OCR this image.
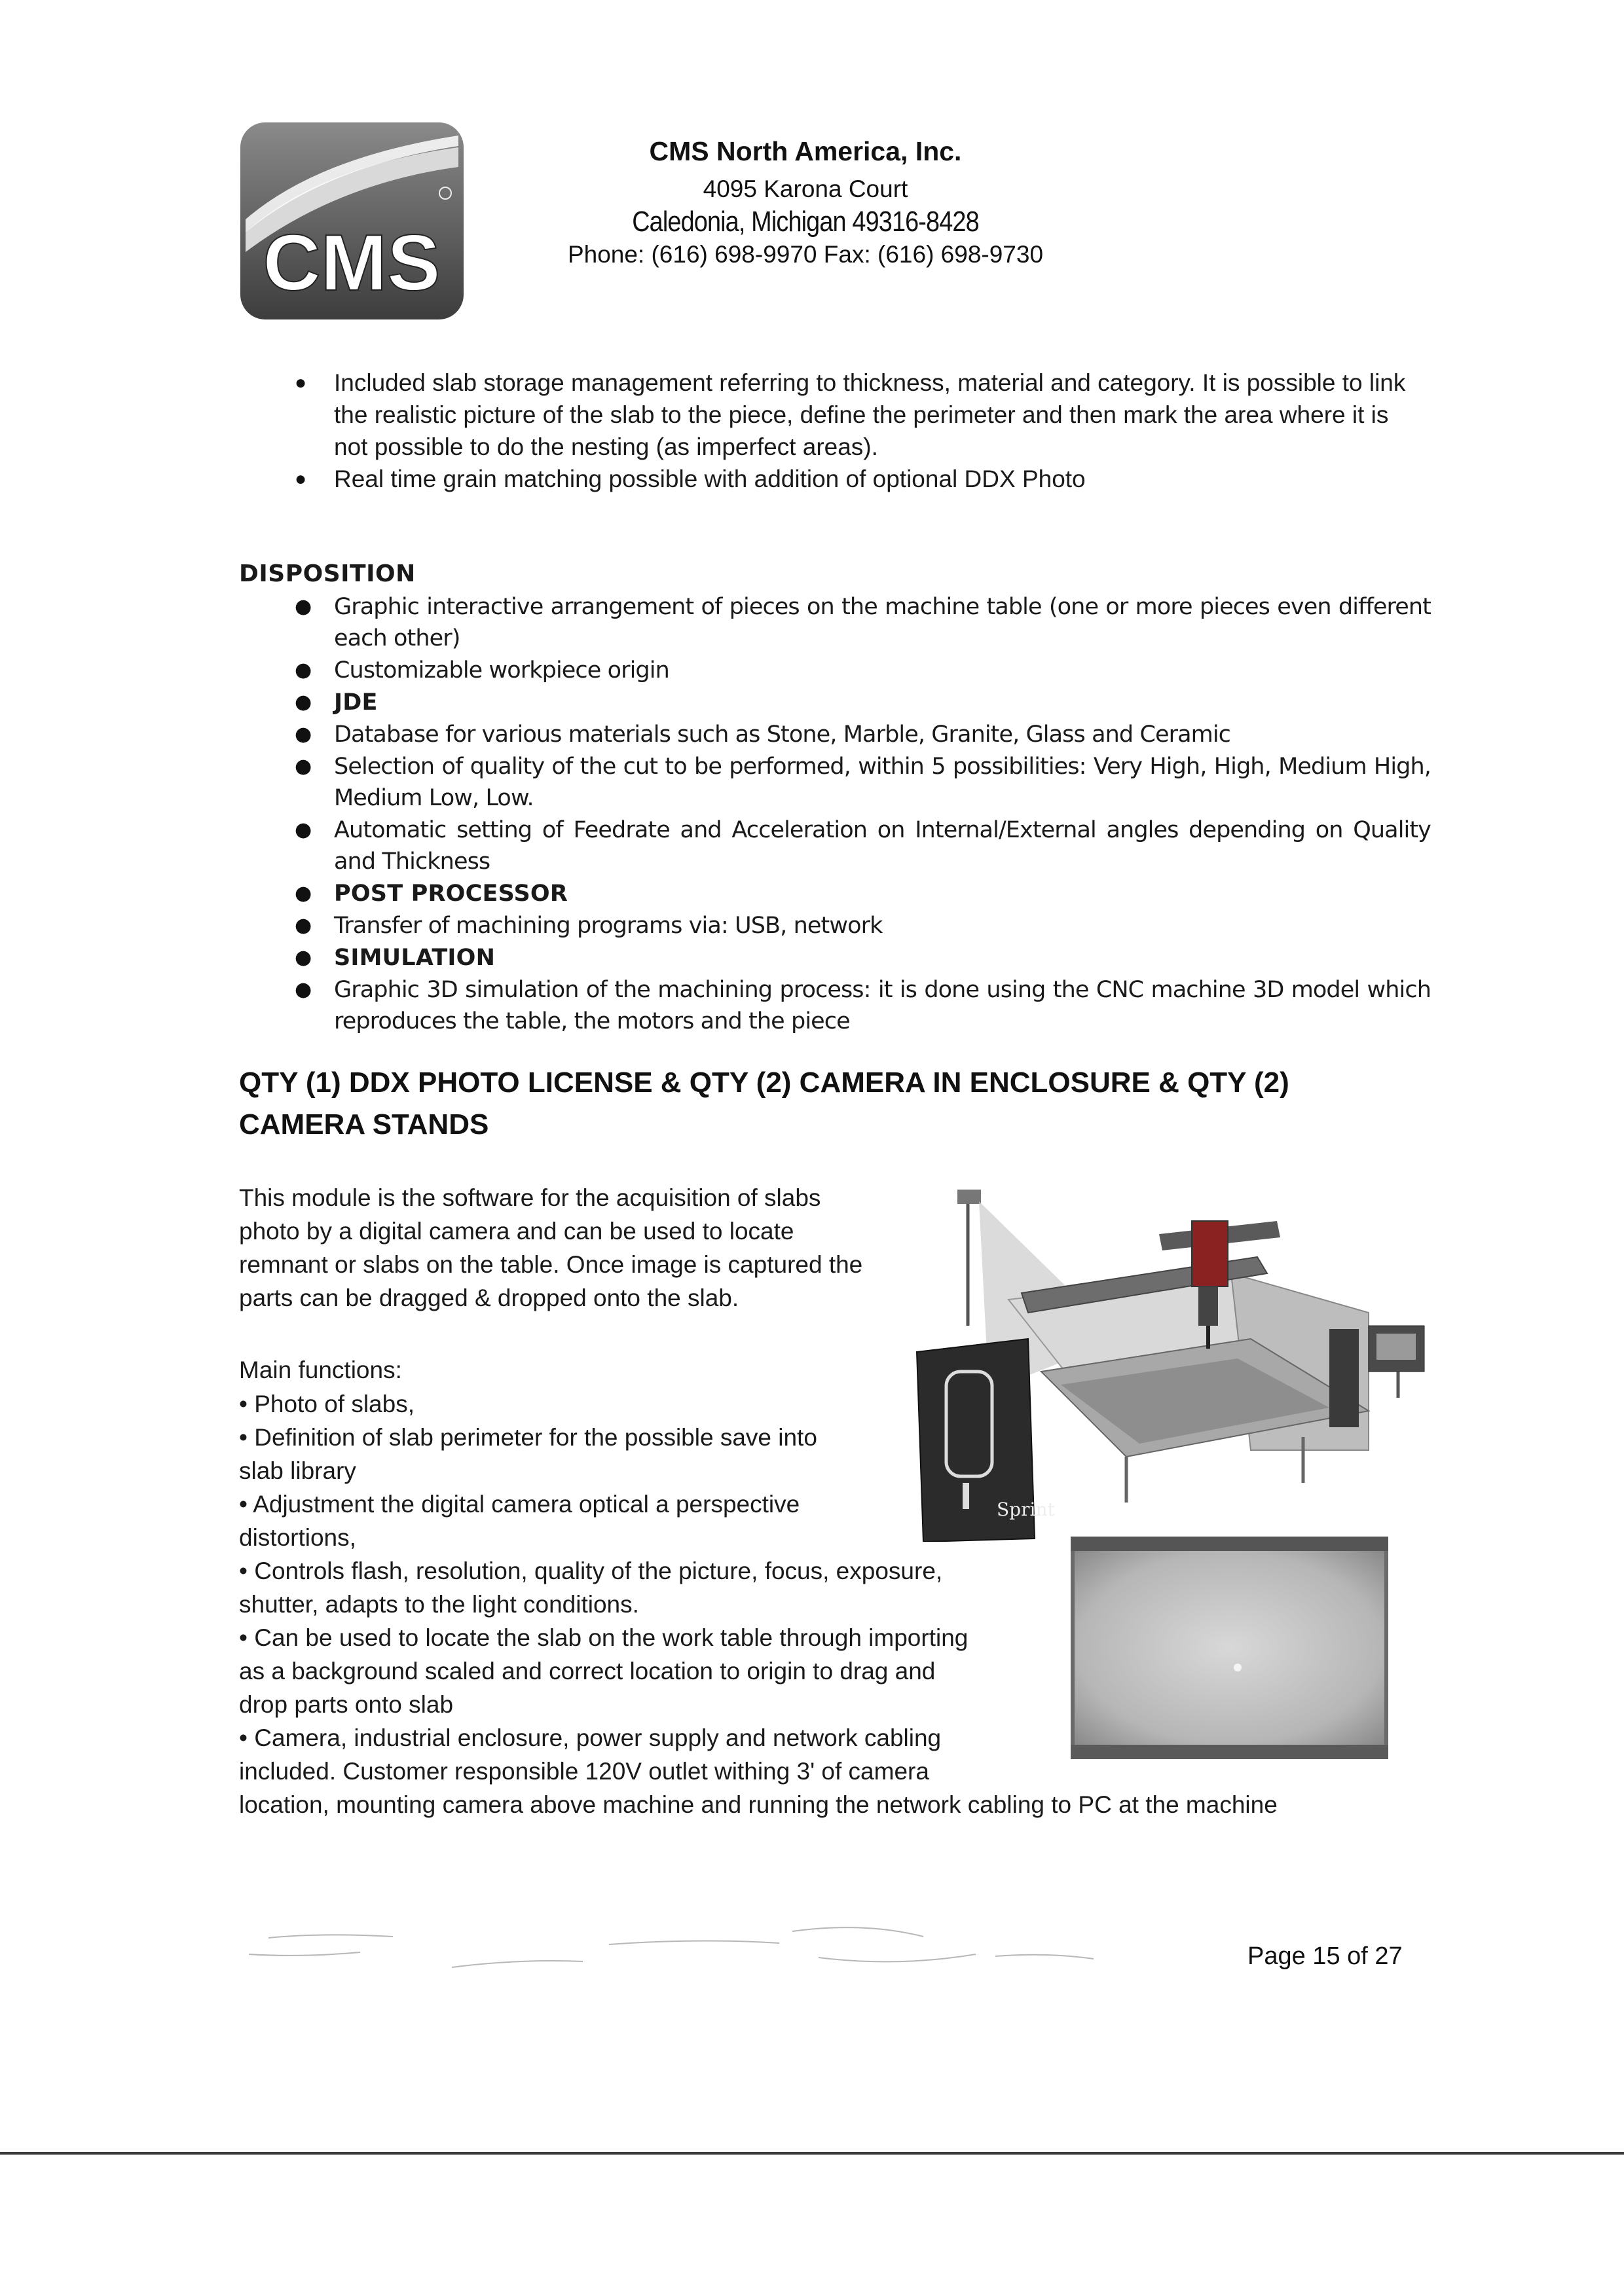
CMS
CMS North America, Inc.
4095 Karona Court
Caledonia, Michigan 49316-8428
Phone: (616) 698-9970 Fax: (616) 698-9730
● Included slab storage management referring to thickness, material and category. It is possible to link the realistic picture of the slab to the piece, define the perimeter and then mark the area where it is not possible to do the nesting (as imperfect areas).
● Real time grain matching possible with addition of optional DDX Photo
DISPOSITION
● Graphic interactive arrangement of pieces on the machine table (one or more pieces even different each other)
● Customizable workpiece origin
● JDE
● Database for various materials such as Stone, Marble, Granite, Glass and Ceramic
● Selection of quality of the cut to be performed, within 5 possibilities: Very High, High, Medium High, Medium Low, Low.
● Automatic setting of Feedrate and Acceleration on Internal/External angles depending on Quality and Thickness
● POST PROCESSOR
● Transfer of machining programs via: USB, network
● SIMULATION
● Graphic 3D simulation of the machining process: it is done using the CNC machine 3D model which reproduces the table, the motors and the piece
QTY (1) DDX PHOTO LICENSE & QTY (2) CAMERA IN ENCLOSURE & QTY (2)
CAMERA STANDS
This module is the software for the acquisition of slabs
photo by a digital camera and can be used to locate
remnant or slabs on the table. Once image is captured the
parts can be dragged & dropped onto the slab.
Main functions:
• Photo of slabs,
• Definition of slab perimeter for the possible save into
slab library
• Adjustment the digital camera optical a perspective
distortions,
• Controls flash, resolution, quality of the picture, focus, exposure,
shutter, adapts to the light conditions.
• Can be used to locate the slab on the work table through importing
as a background scaled and correct location to origin to drag and
drop parts onto slab
• Camera, industrial enclosure, power supply and network cabling
included. Customer responsible 120V outlet withing 3' of camera
location, mounting camera above machine and running the network cabling to PC at the machine
Sprint
Page 15 of 27
